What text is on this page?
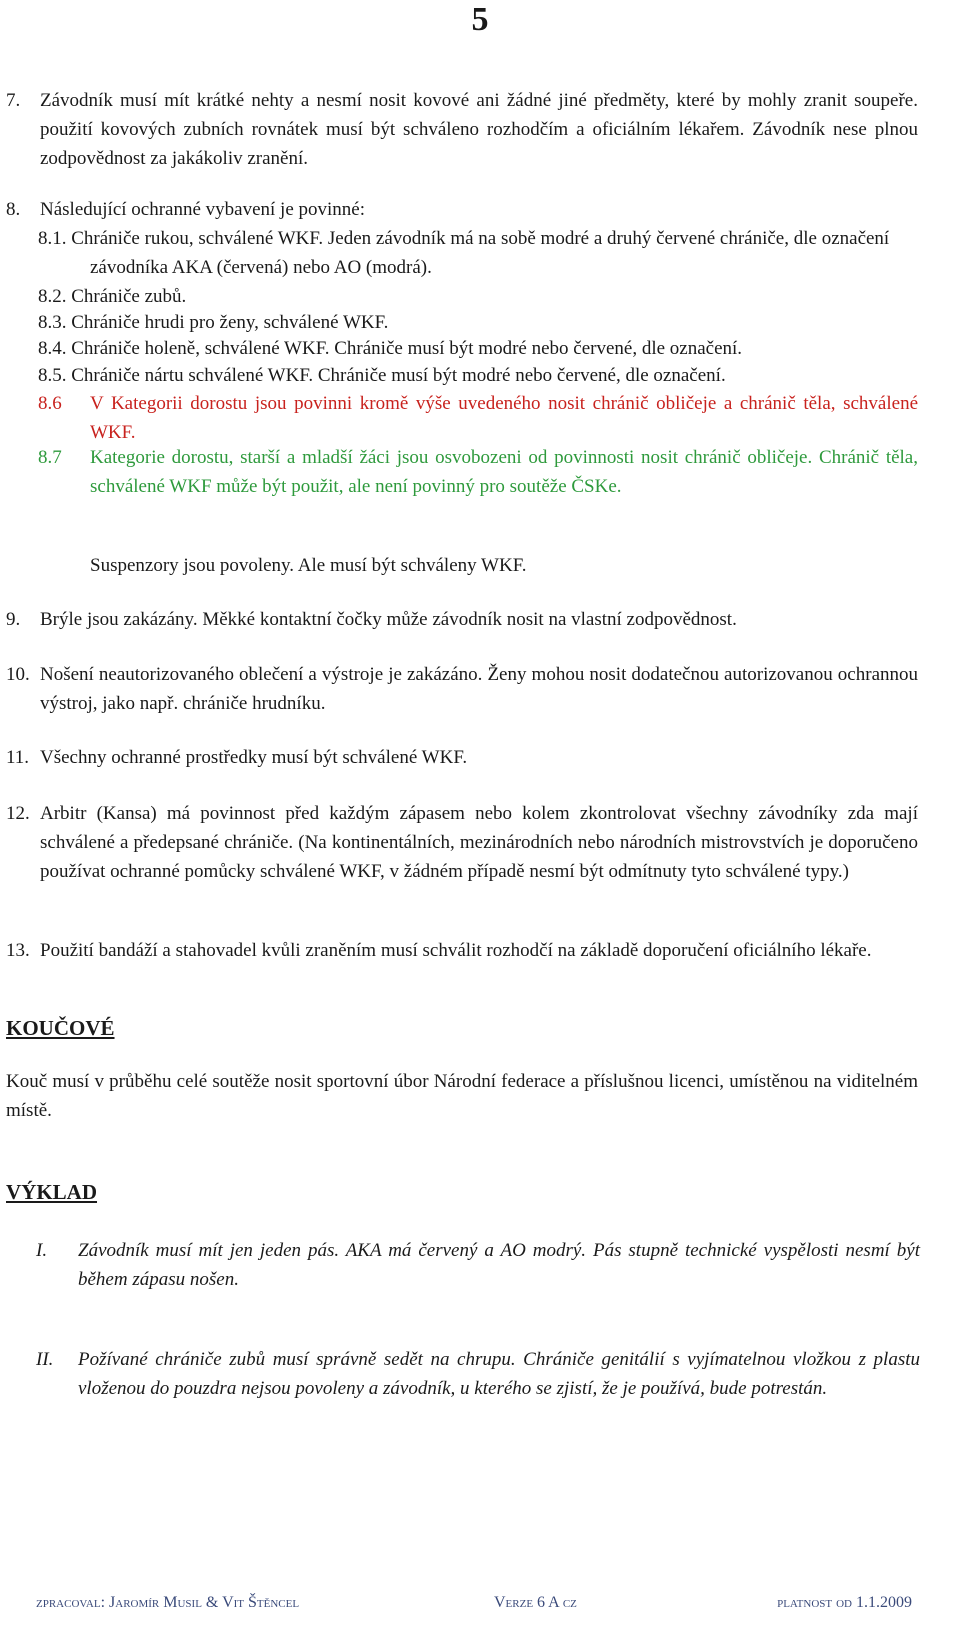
5
7.	Závodník musí mít krátké nehty a nesmí nosit kovové ani žádné jiné předměty, které by mohly zranit soupeře. použití kovových zubních rovnátek musí být schváleno rozhodčím a oficiálním lékařem. Závodník nese plnou zodpovědnost za jakákoliv zranění.
8.	Následující ochranné vybavení je povinné:
8.1. Chrániče rukou, schválené WKF. Jeden závodník má na sobě modré a druhý červené chrániče, dle označení závodníka AKA (červená) nebo AO (modrá).
8.2. Chrániče zubů.
8.3. Chrániče hrudi pro ženy, schválené WKF.
8.4. Chrániče holeně, schválené WKF. Chrániče musí být modré nebo červené, dle označení.
8.5. Chrániče nártu schválené WKF. Chrániče musí být modré nebo červené, dle označení.
8.6	V Kategorii dorostu jsou povinni kromě výše uvedeného nosit chránič obličeje a chránič těla, schválené WKF.
8.7	Kategorie dorostu, starší a mladší žáci jsou osvobozeni od povinnosti nosit chránič obličeje. Chránič těla, schválené WKF může být použit, ale není povinný pro soutěže ČSKe.
Suspenzory jsou povoleny. Ale musí být schváleny WKF.
9.	Brýle jsou zakázány. Měkké kontaktní čočky může závodník nosit na vlastní zodpovědnost.
10. Nošení neautorizovaného oblečení a výstroje je zakázáno. Ženy mohou nosit dodatečnou autorizovanou ochrannou výstroj, jako např. chrániče hrudníku.
11. Všechny ochranné prostředky musí být schválené WKF.
12. Arbitr (Kansa) má povinnost před každým zápasem nebo kolem zkontrolovat všechny závodníky zda mají schválené a předepsané chrániče. (Na kontinentálních, mezinárodních nebo národních mistrovstvích je doporučeno používat ochranné pomůcky schválené WKF, v žádném případě nesmí být odmítnuty tyto schválené typy.)
13. Použití bandáží a stahovadel kvůli zraněním musí schválit rozhodčí na základě doporučení oficiálního lékaře.
KOUČOVÉ
Kouč musí v průběhu celé soutěže nosit sportovní úbor Národní federace a příslušnou licenci, umístěnou na viditelném místě.
VÝKLAD
I.	Závodník musí mít jen jeden pás. AKA má červený a AO modrý. Pás stupně technické vyspělosti nesmí být během zápasu nošen.
II.	Požívané chrániče zubů musí správně sedět na chrupu. Chrániče genitálií s vyjímatelnou vložkou z plastu vloženou do pouzdra nejsou povoleny a závodník, u kterého se zjistí, že je používá, bude potrestán.
zpracoval: Jaromír Musil & Vit Štěncel	Verze 6 A cz	platnost od 1.1.2009
